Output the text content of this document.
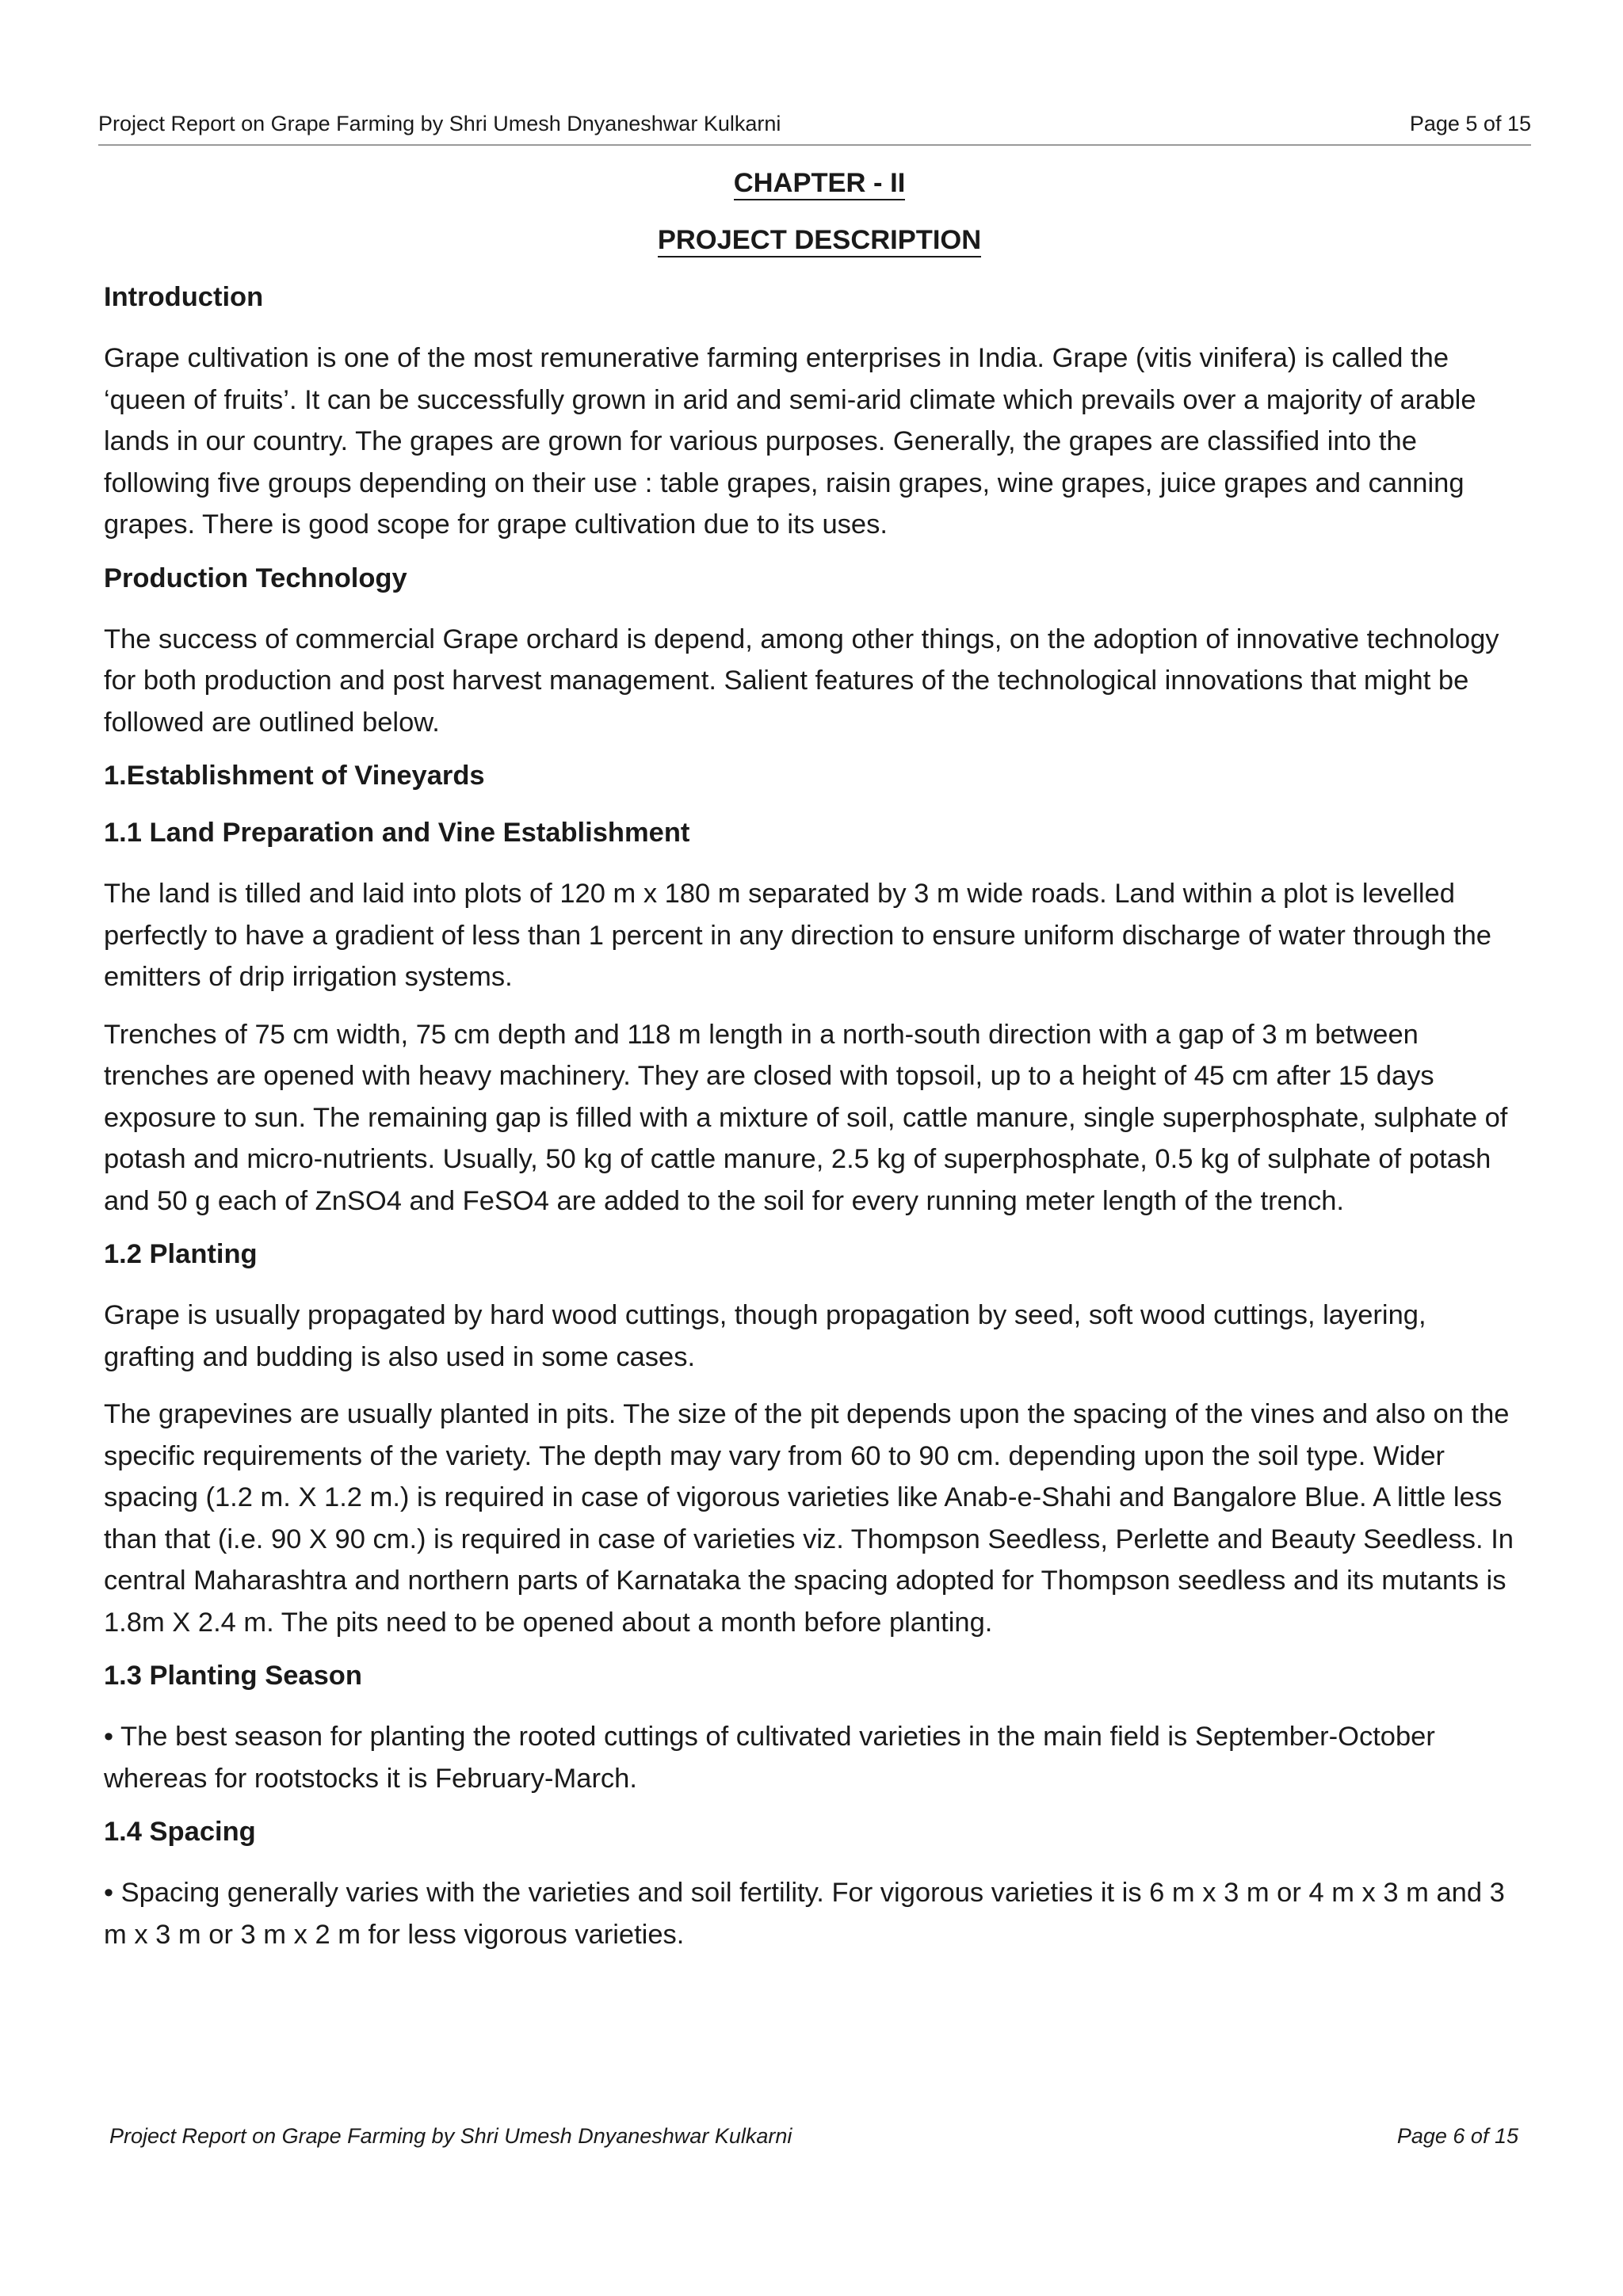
Project Report on Grape Farming by Shri Umesh Dnyaneshwar Kulkarni	Page 5 of 15
CHAPTER - II
PROJECT DESCRIPTION
Introduction

Grape cultivation is one of the most remunerative farming enterprises in India. Grape (vitis vinifera) is called the ‘queen of fruits’. It can be successfully grown in arid and semi-arid climate which prevails over a majority of arable lands in our country. The grapes are grown for various purposes. Generally, the grapes are classified into the following five groups depending on their use : table grapes, raisin grapes, wine grapes, juice grapes and canning grapes. There is good scope for grape cultivation due to its uses.

Production Technology

The success of commercial Grape orchard is depend, among other things, on the adoption of innovative technology for both production and post harvest management. Salient features of the technological innovations that might be followed are outlined below.

1.Establishment of Vineyards
1.1 Land Preparation and Vine Establishment

The land is tilled and laid into plots of 120 m x 180 m separated by 3 m wide roads. Land within a plot is levelled perfectly to have a gradient of less than 1 percent in any direction to ensure uniform discharge of water through the emitters of drip irrigation systems.

Trenches of 75 cm width, 75 cm depth and 118 m length in a north-south direction with a gap of 3 m between trenches are opened with heavy machinery. They are closed with topsoil, up to a height of 45 cm after 15 days exposure to sun. The remaining gap is filled with a mixture of soil, cattle manure, single superphosphate, sulphate of potash and micro-nutrients. Usually, 50 kg of cattle manure, 2.5 kg of superphosphate, 0.5 kg of sulphate of potash and 50 g each of ZnSO4 and FeSO4 are added to the soil for every running meter length of the trench.

1.2 Planting

Grape is usually propagated by hard wood cuttings, though propagation by seed, soft wood cuttings, layering, grafting and budding is also used in some cases.

The grapevines are usually planted in pits. The size of the pit depends upon the spacing of the vines and also on the specific requirements of the variety. The depth may vary from 60 to 90 cm. depending upon the soil type. Wider spacing (1.2 m. X 1.2 m.) is required in case of vigorous varieties like Anab-e-Shahi and Bangalore Blue. A little less than that (i.e. 90 X 90 cm.) is required in case of varieties viz. Thompson Seedless, Perlette and Beauty Seedless. In central Maharashtra and northern parts of Karnataka the spacing adopted for Thompson seedless and its mutants is 1.8m X 2.4 m. The pits need to be opened about a month before planting.

1.3 Planting Season

• The best season for planting the rooted cuttings of cultivated varieties in the main field is September-October whereas for rootstocks it is February-March.

1.4 Spacing

• Spacing generally varies with the varieties and soil fertility. For vigorous varieties it is 6 m x 3 m or 4 m x 3 m and 3 m x 3 m or 3 m x 2 m for less vigorous varieties.

Project Report on Grape Farming by Shri Umesh Dnyaneshwar Kulkarni	Page 6 of 15
